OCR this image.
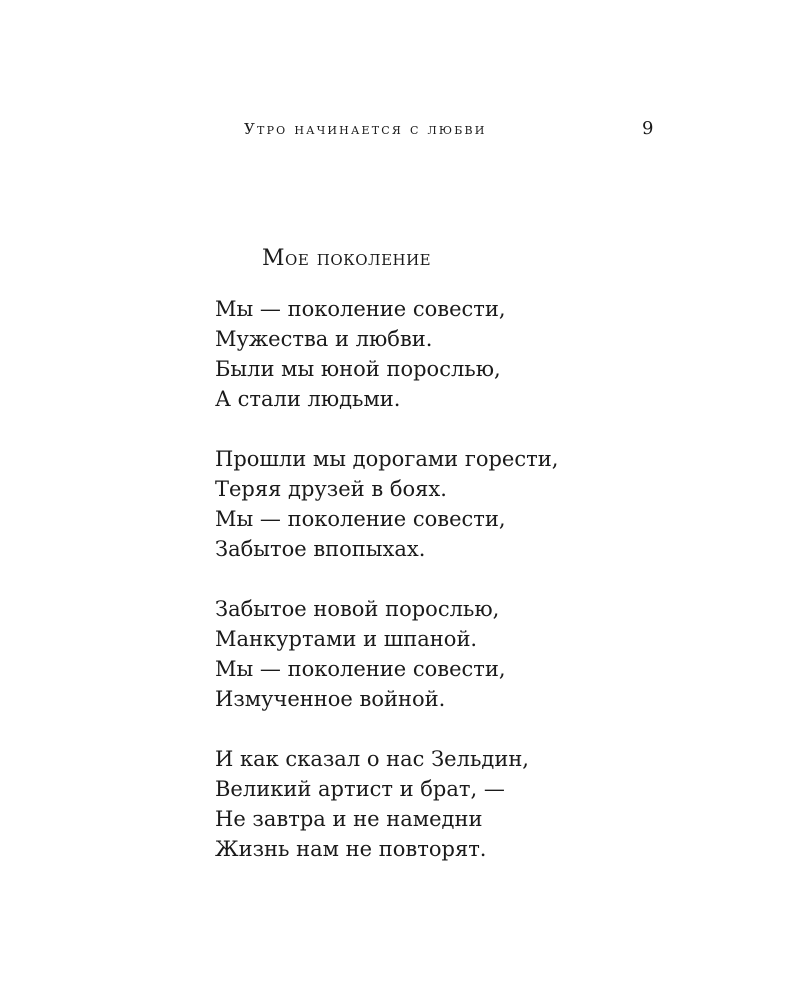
Утро начинается с любви	9
Мое поколение
Мы — поколение совести,
Мужества и любви.
Были мы юной порослью,
А стали людьми.
Прошли мы дорогами горести,
Теряя друзей в боях.
Мы — поколение совести,
Забытое впопыхах.
Забытое новой порослью,
Манкуртами и шпаной.
Мы — поколение совести,
Измученное войной.
И как сказал о нас Зельдин,
Великий артист и брат, —
Не завтра и не намедни
Жизнь нам не повторят.
